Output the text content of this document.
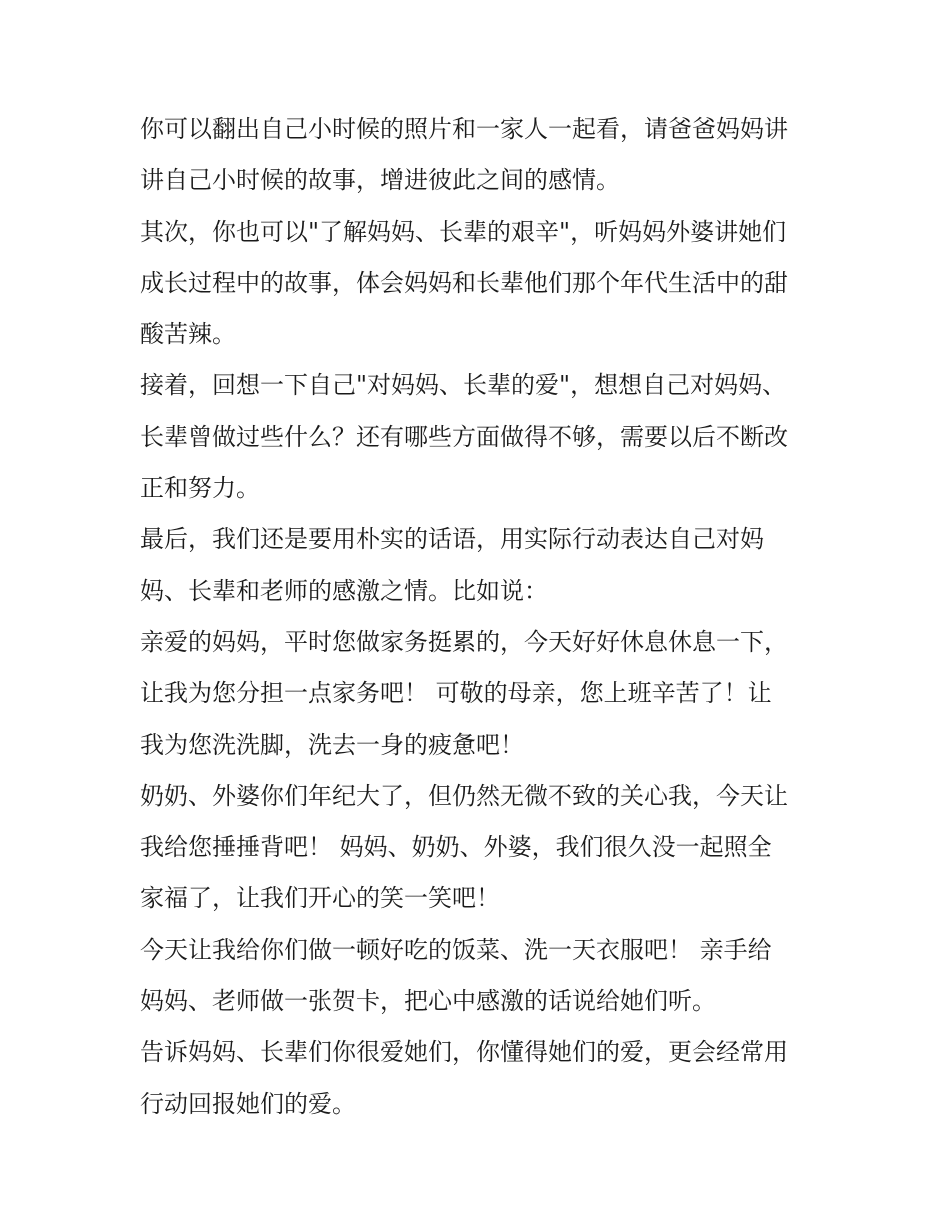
你可以翻出自己小时候的照片和一家人一起看，请爸爸妈妈讲
讲自己小时候的故事，增进彼此之间的感情。

其次，你也可以"了解妈妈、长辈的艰辛"，听妈妈外婆讲她们
成长过程中的故事，体会妈妈和长辈他们那个年代生活中的甜
酸苦辣。

接着，回想一下自己"对妈妈、长辈的爱"，想想自己对妈妈、
长辈曾做过些什么？还有哪些方面做得不够，需要以后不断改
正和努力。

最后，我们还是要用朴实的话语，用实际行动表达自己对妈
妈、长辈和老师的感激之情。比如说：

亲爱的妈妈，平时您做家务挺累的，今天好好休息休息一下，
让我为您分担一点家务吧！ 可敬的母亲，您上班辛苦了！让
我为您洗洗脚，洗去一身的疲惫吧！

奶奶、外婆你们年纪大了，但仍然无微不致的关心我，今天让
我给您捶捶背吧！ 妈妈、奶奶、外婆，我们很久没一起照全
家福了，让我们开心的笑一笑吧！

今天让我给你们做一顿好吃的饭菜、洗一天衣服吧！ 亲手给
妈妈、老师做一张贺卡，把心中感激的话说给她们听。

告诉妈妈、长辈们你很爱她们，你懂得她们的爱，更会经常用
行动回报她们的爱。
